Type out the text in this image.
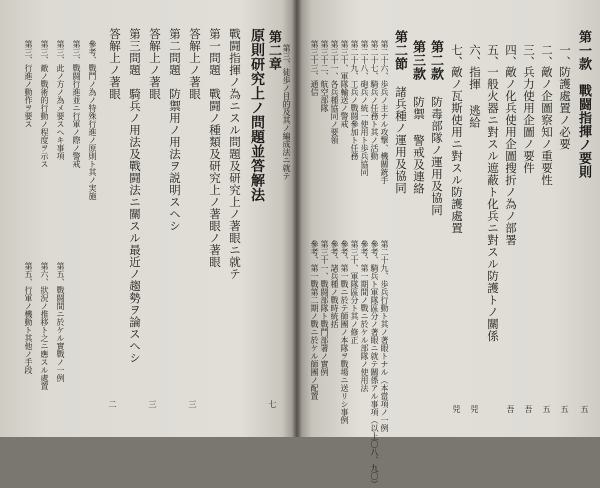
第二章
原則研究上ノ問題並答解法
戰闘指揮ノ為ニスル問題及研究上ノ著眼ニ就テ
第一問題　戰闘ノ種類及研究上ノ著眼ノ著眼
答解上ノ著眼
第二問題　防禦用ノ用法ヲ説明スヘシ
答解上ノ著眼
第三問題　騎兵ノ用法及戰闘法ニ關スル最近ノ趨勢ヲ論スヘシ
答解上ノ著眼	第三、徒歩ノ目的及其ノ編成法ニ就テ
第三、行進ノ動作ヲ要ス 第三、敵ノ戰術的行動ノ程度ヲ示ス 第三、此ノ方ノ為メ要スヘキ事項 第三、戰闘行進並ニ行軍ノ際ノ警戒 參考、戰鬥ノ為ノ特殊行進ノ原則ト其ノ実施
第五、行軍ノ機動ト其他ノ手段 第六、狀況ノ推移ト之ニ應スル處置 第五、戰闘間ニ於ケル實戰ノ一例
七
三
三
二
第一款　戰闘指揮ノ要則
一、
防護處置ノ必要
二、
敵ノ企圖察知ノ重要性
三、
兵力使用企圖ノ要件
四、
敵ノ化兵使用企圖搜折ノ為ノ部署
五、
一般火器ニ對スル遮蔽ト化兵ニ對スル防護トノ關係
六、
指揮 逃給
七、
敵ノ瓦斯使用ニ對スル防護處置
第二款
防毒部隊ノ運用及協同
第三款
防禦 警戒及連絡
第二節
諸兵種ノ運用及協同
第二十六、歩兵ノ主ナル攻撃、機關銃手
第二十七、騎兵ノ任務ト其ノ活動
第二十八、砲兵ノ統一使用ト歩兵協同
第二十九、工兵ノ戰闘參加ト任務
第三十、軍隊輸送ノ警戒
第三十一、各兵種協同ノ要領
第三十二、航空部隊
第三十三、通信
第二十九、歩兵行動ト其ノ著眼トナル（本當項ノ一例
參考、騎兵ト軍隊區分ノ著眼ニ就テ關係アル事項（以上〇八、九〇）
參考、第一期間ノ戰ニ於ケル部隊ノ使用法
第三十、軍隊區分ト其ノ修正
參考、第一戰ニ於テ師團ノ本隊ヲ戰場ニ送リシ事例
參考、諸兵種ノ戰時統括
第三十一、戰闘部隊ト戰鬥部署ノ實例
參考、第一戰第二期ノ戰ニ於ケル師團ノ配置
五
五
五
吾
吾
兕
兕
